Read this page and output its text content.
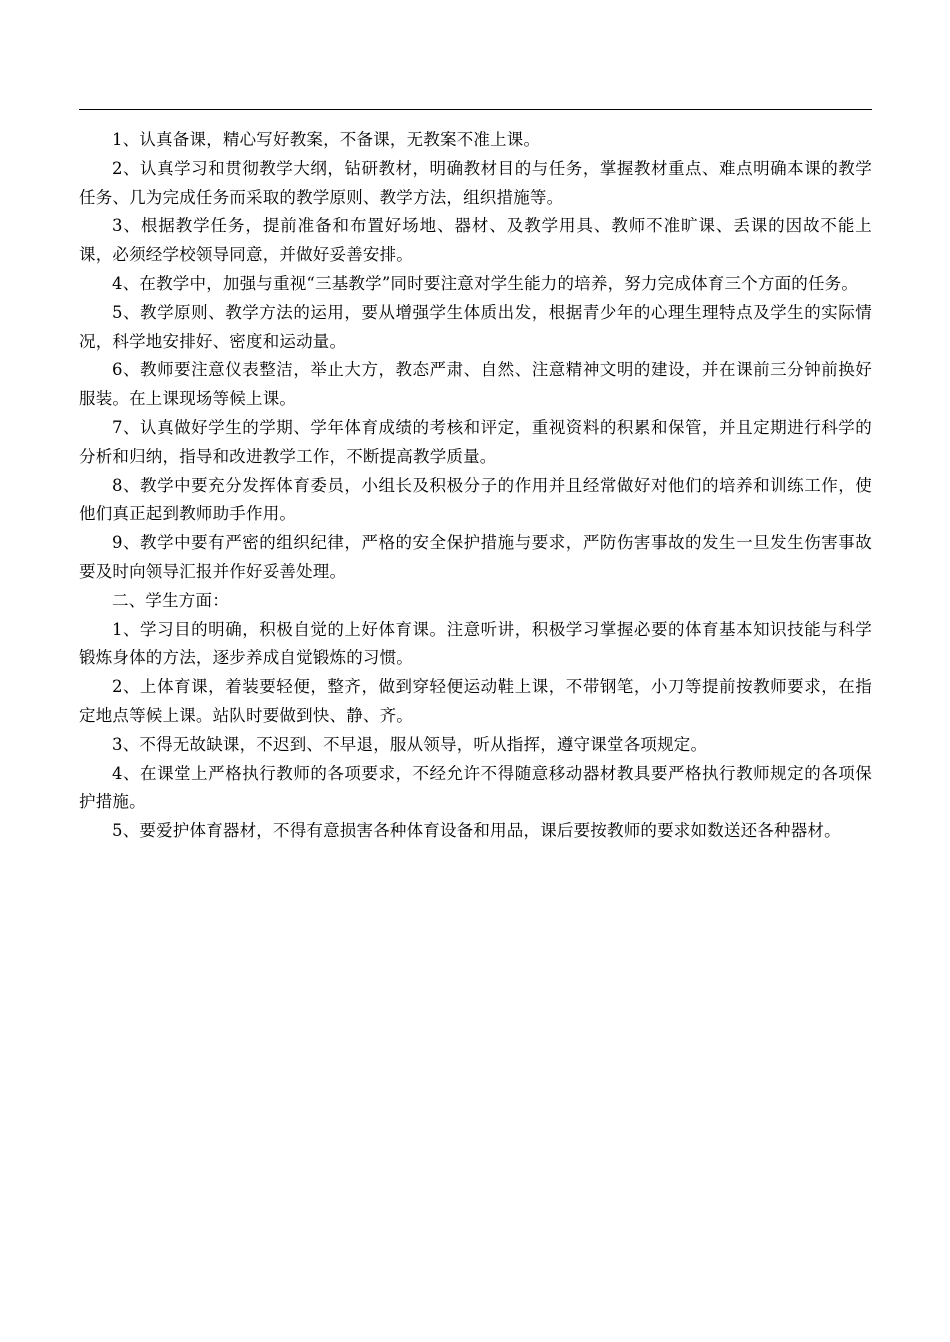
1、认真备课，精心写好教案，不备课，无教案不准上课。

2、认真学习和贯彻教学大纲，钻研教材，明确教材目的与任务，掌握教材重点、难点明确本课的教学任务、几为完成任务而采取的教学原则、教学方法，组织措施等。

3、根据教学任务，提前准备和布置好场地、器材、及教学用具、教师不准旷课、丢课的因故不能上课，必须经学校领导同意，并做好妥善安排。

4、在教学中，加强与重视“三基教学”同时要注意对学生能力的培养，努力完成体育三个方面的任务。

5、教学原则、教学方法的运用，要从增强学生体质出发，根据青少年的心理生理特点及学生的实际情况，科学地安排好、密度和运动量。

6、教师要注意仪表整洁，举止大方，教态严肃、自然、注意精神文明的建设，并在课前三分钟前换好服装。在上课现场等候上课。

7、认真做好学生的学期、学年体育成绩的考核和评定，重视资料的积累和保管，并且定期进行科学的分析和归纳，指导和改进教学工作，不断提高教学质量。

8、教学中要充分发挥体育委员，小组长及积极分子的作用并且经常做好对他们的培养和训练工作，使他们真正起到教师助手作用。

9、教学中要有严密的组织纪律，严格的安全保护措施与要求，严防伤害事故的发生一旦发生伤害事故要及时向领导汇报并作好妥善处理。

二、学生方面：

1、学习目的明确，积极自觉的上好体育课。注意听讲，积极学习掌握必要的体育基本知识技能与科学锻炼身体的方法，逐步养成自觉锻炼的习惯。

2、上体育课，着装要轻便，整齐，做到穿轻便运动鞋上课，不带钢笔，小刀等提前按教师要求，在指定地点等候上课。站队时要做到快、静、齐。

3、不得无故缺课，不迟到、不早退，服从领导，听从指挥，遵守课堂各项规定。

4、在课堂上严格执行教师的各项要求，不经允许不得随意移动器材教具要严格执行教师规定的各项保护措施。

5、要爱护体育器材，不得有意损害各种体育设备和用品，课后要按教师的要求如数送还各种器材。
